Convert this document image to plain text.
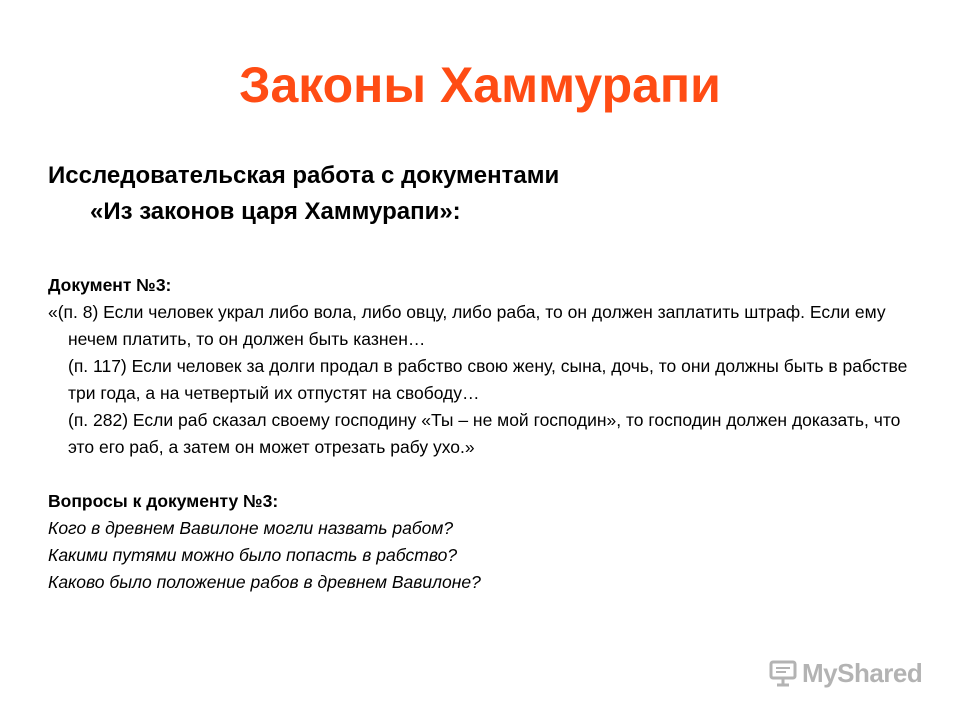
Законы Хаммурапи
Исследовательская работа с документами
«Из законов царя Хаммурапи»:
Документ №3:
«(п. 8) Если человек украл либо вола, либо овцу, либо раба, то он должен заплатить штраф. Если ему нечем платить, то он должен быть казнен…
(п. 117) Если человек за долги продал в рабство свою жену, сына, дочь, то они должны быть в рабстве три года, а на четвертый их отпустят на свободу…
(п. 282) Если раб сказал своему господину «Ты – не мой господин», то господин должен доказать, что это его раб, а затем он может отрезать рабу ухо.»
Вопросы к документу №3:
Кого в древнем Вавилоне могли назвать рабом?
Какими путями можно было попасть в рабство?
Каково было положение рабов в древнем Вавилоне?
MyShared
